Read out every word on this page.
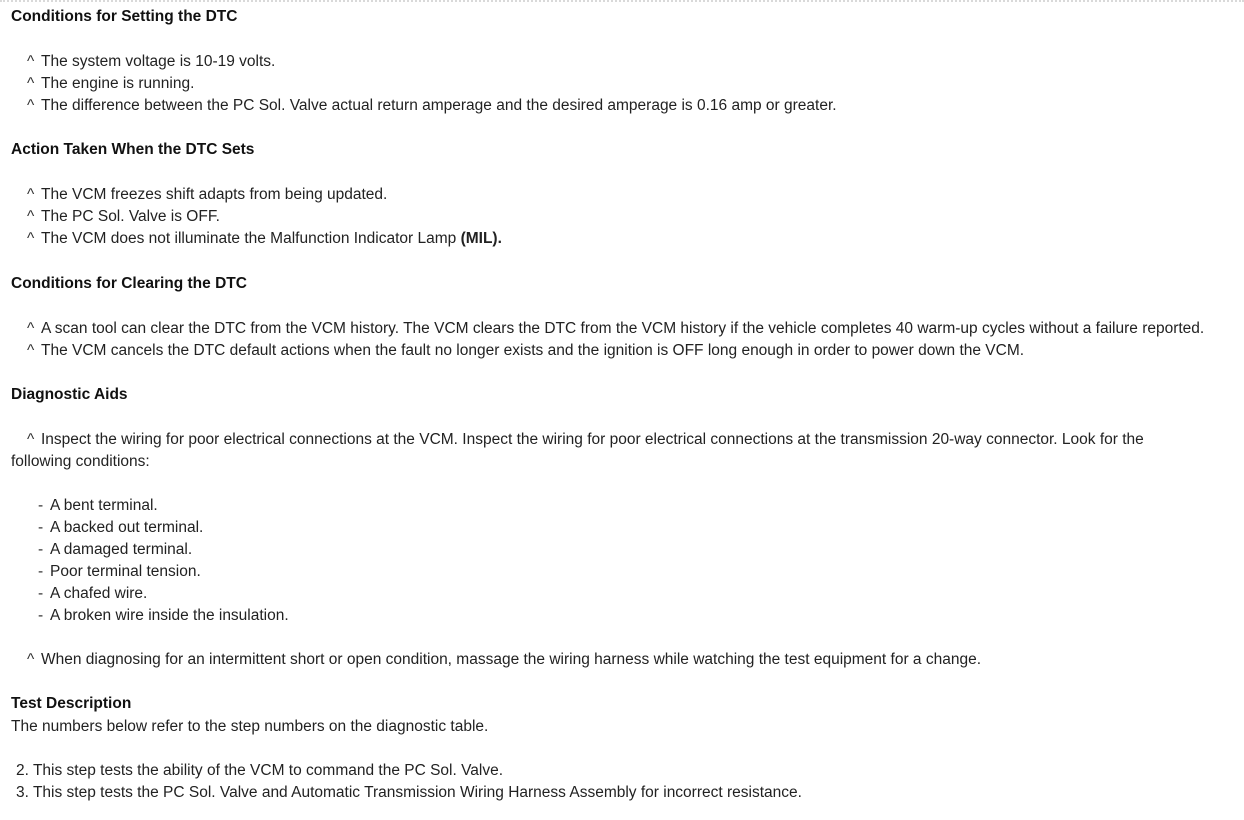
Conditions for Setting the DTC
^ The system voltage is 10-19 volts.
^ The engine is running.
^ The difference between the PC Sol. Valve actual return amperage and the desired amperage is 0.16 amp or greater.
Action Taken When the DTC Sets
^ The VCM freezes shift adapts from being updated.
^ The PC Sol. Valve is OFF.
^ The VCM does not illuminate the Malfunction Indicator Lamp (MIL).
Conditions for Clearing the DTC
^ A scan tool can clear the DTC from the VCM history. The VCM clears the DTC from the VCM history if the vehicle completes 40 warm-up cycles without a failure reported.
^ The VCM cancels the DTC default actions when the fault no longer exists and the ignition is OFF long enough in order to power down the VCM.
Diagnostic Aids
^ Inspect the wiring for poor electrical connections at the VCM. Inspect the wiring for poor electrical connections at the transmission 20-way connector. Look for the
following conditions:
- A bent terminal.
- A backed out terminal.
- A damaged terminal.
- Poor terminal tension.
- A chafed wire.
- A broken wire inside the insulation.
^ When diagnosing for an intermittent short or open condition, massage the wiring harness while watching the test equipment for a change.
Test Description
The numbers below refer to the step numbers on the diagnostic table.
2. This step tests the ability of the VCM to command the PC Sol. Valve.
3. This step tests the PC Sol. Valve and Automatic Transmission Wiring Harness Assembly for incorrect resistance.
